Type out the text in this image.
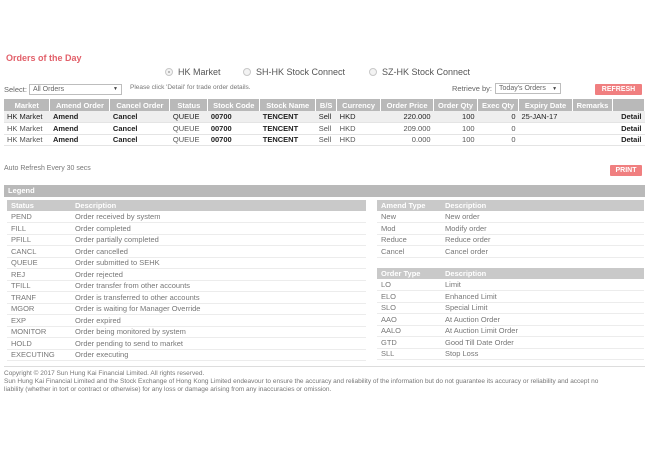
Orders of the Day
HK Market	SH-HK Stock Connect	SZ-HK Stock Connect
Select : All Orders	▼ Please click 'Detail' for trade order details.	Retrieve by: Today's Orders ▼	REFRESH
Market	Amend Order	Cancel Order	Status	Stock Code	Stock Name	B/S	Currency	Order Price	Order Qty	Exec Qty	Expiry Date	Remarks	
HK Market	Amend	Cancel	QUEUE	00700	TENCENT	Sell	HKD	220.000	100	0	25-JAN-17		Detail
HK Market	Amend	Cancel	QUEUE	00700	TENCENT	Sell	HKD	209.000	100	0			Detail
HK Market	Amend	Cancel	QUEUE	00700	TENCENT	Sell	HKD	0.000	100	0			Detail
Auto Refresh Every 30 secs	PRINT
Legend
Status	Description
PEND	Order received by system
FILL	Order completed
PFILL	Order partially completed
CANCL	Order cancelled
QUEUE	Order submitted to SEHK
REJ	Order rejected
TFILL	Order transfer from other accounts
TRANF	Order is transferred to other accounts
MGOR	Order is waiting for Manager Override
EXP	Order expired
MONITOR	Order being monitored by system
HOLD	Order pending to send to market
EXECUTING	Order executing
Amend Type	Description
New	New order
Mod	Modify order
Reduce	Reduce order
Cancel	Cancel order
Order Type	Description
LO	Limit
ELO	Enhanced Limit
SLO	Special Limit
AAO	At Auction Order
AALO	At Auction Limit Order
GTD	Good Till Date Order
SLL	Stop Loss
Copyright © 2017 Sun Hung Kai Financial Limited. All rights reserved.
Sun Hung Kai Financial Limited and the Stock Exchange of Hong Kong Limited endeavour to ensure the accuracy and reliability of the information but do not guarantee its accuracy or reliability and accept no
liability (whether in tort or contract or otherwise) for any loss or damage arising from any inaccuracies or omission.
